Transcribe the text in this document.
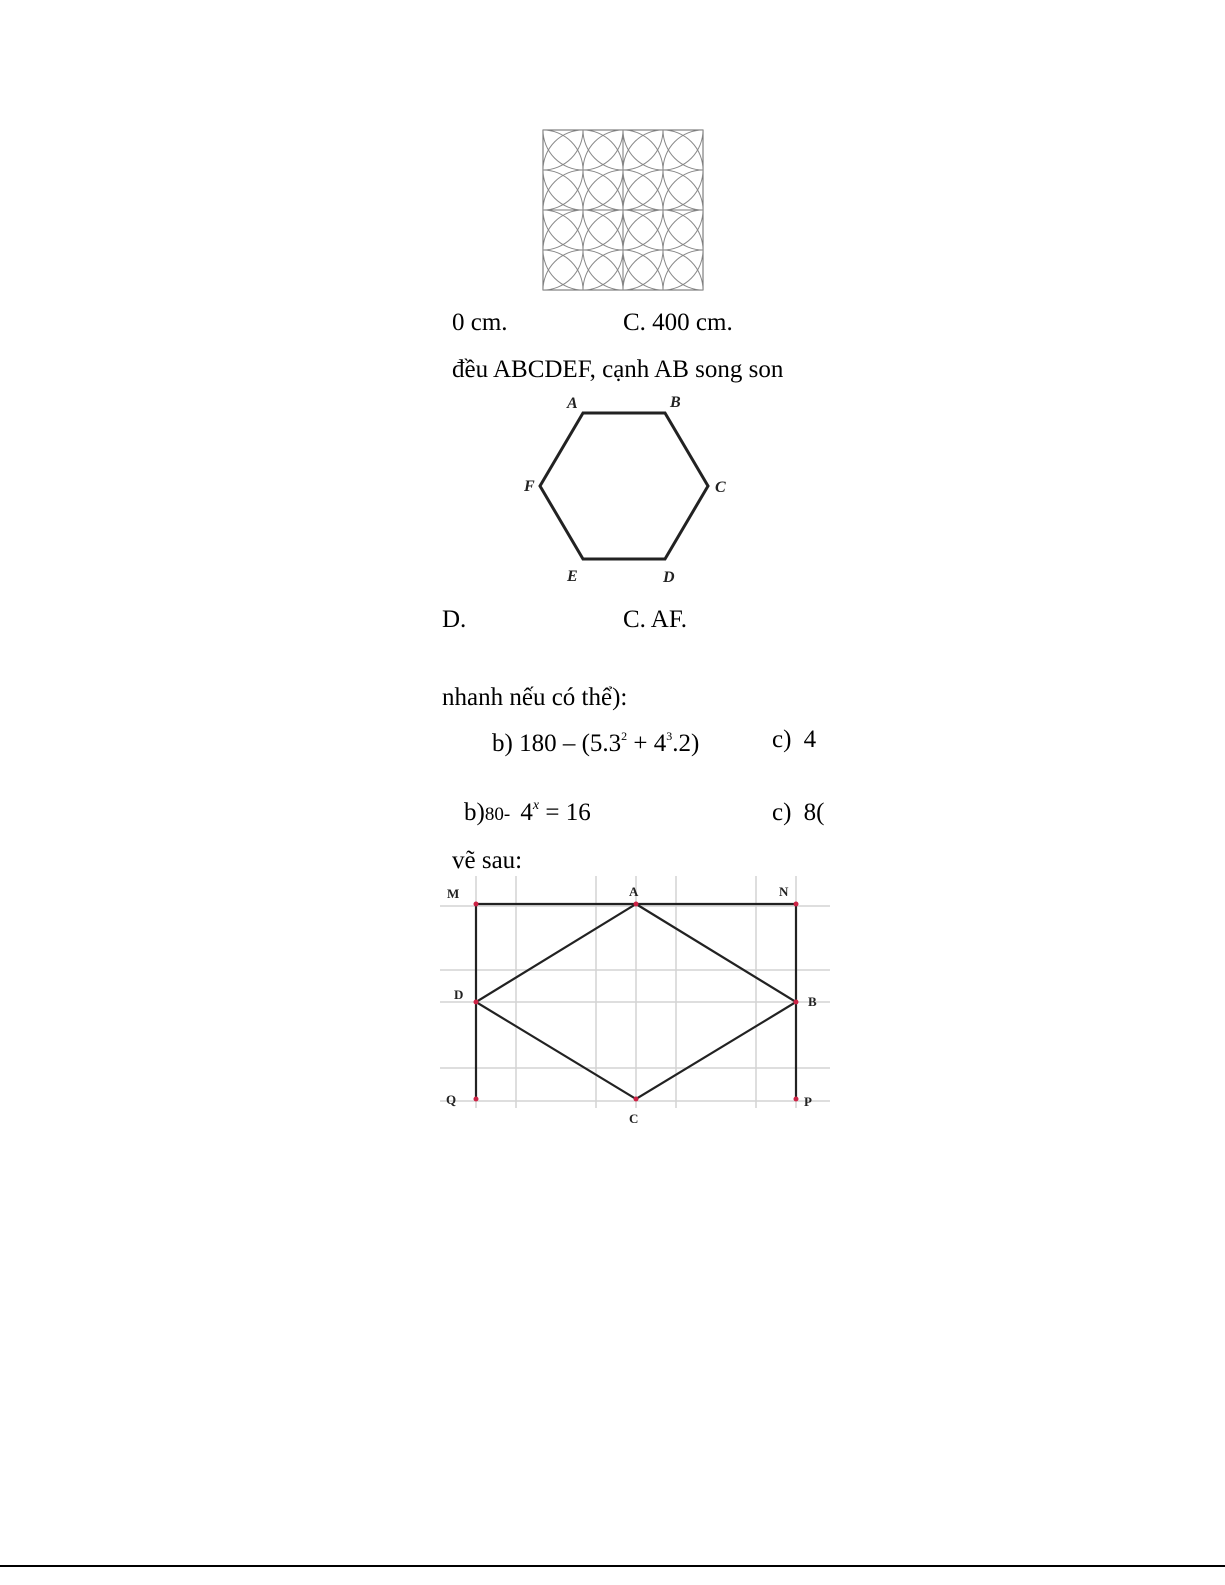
0 cm.	C. 400 cm.
đều ABCDEF, cạnh AB song son
A	B
C
D
E
F
D.	C. AF.
nhanh nếu có thể):
b) $180 - (5.3^2 + 4^3.2)$	c) 4
b)80- $4^x = 16$	c) 8(
vẽ sau:
M	A	N
D	B
Q
C
P
